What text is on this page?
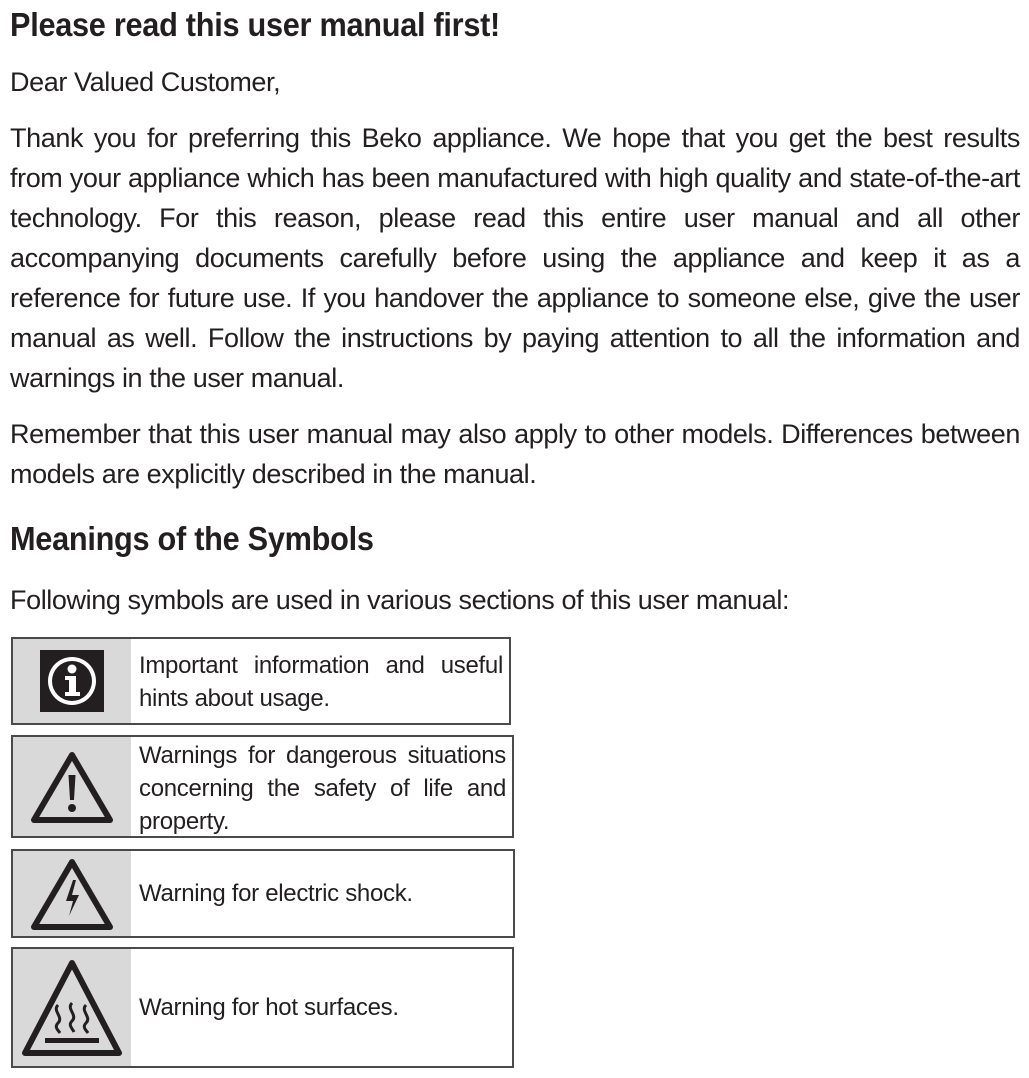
Please read this user manual first!

Dear Valued Customer,

Thank you for preferring this Beko appliance. We hope that you get the best results from your appliance which has been manufactured with high quality and state-of-the-art technology. For this reason, please read this entire user manual and all other accompanying documents carefully before using the appliance and keep it as a reference for future use. If you handover the appliance to someone else, give the user manual as well. Follow the instructions by paying attention to all the information and warnings in the user manual.

Remember that this user manual may also apply to other models. Differences between models are explicitly described in the manual.

Meanings of the Symbols

Following symbols are used in various sections of this user manual:

Important information and useful hints about usage.

Warnings for dangerous situations concerning the safety of life and property.

Warning for electric shock.

Warning for hot surfaces.
